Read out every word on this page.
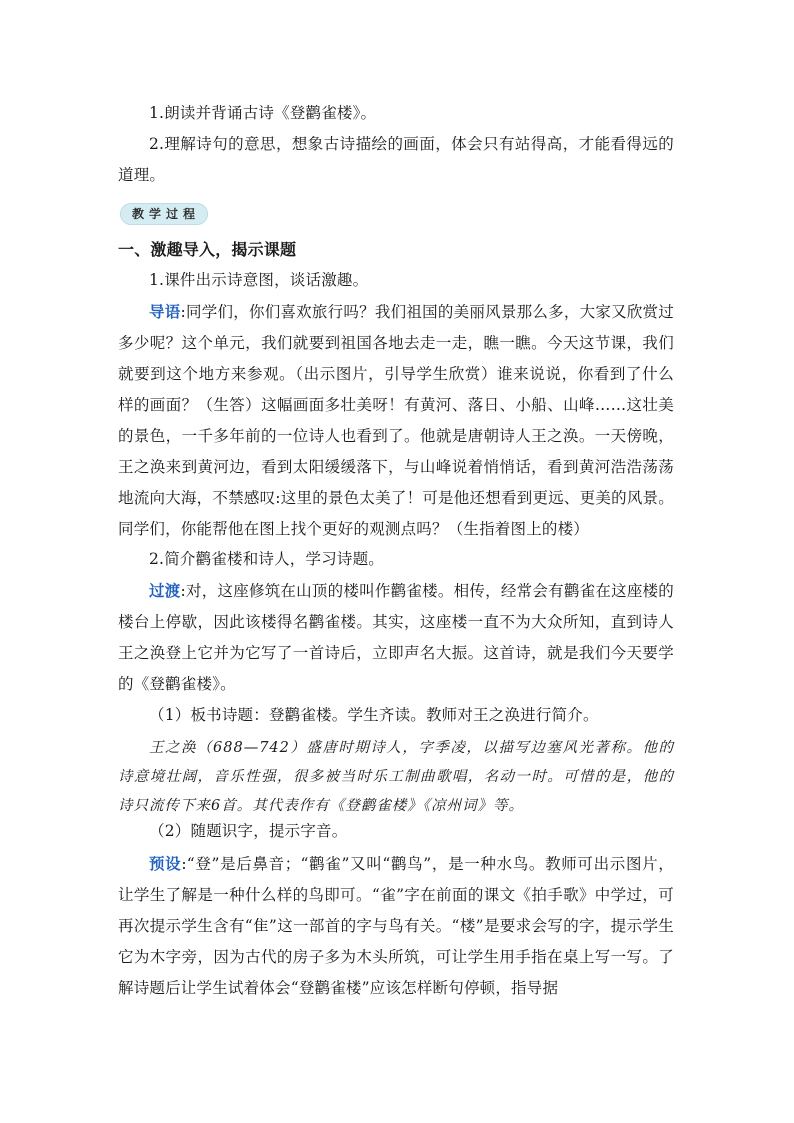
1.朗读并背诵古诗《登鹳雀楼》。
2.理解诗句的意思，想象古诗描绘的画面，体会只有站得高，才能看得远的道理。
教学过程
一、激趣导入，揭示课题
1.课件出示诗意图，谈话激趣。
导语:同学们，你们喜欢旅行吗？我们祖国的美丽风景那么多，大家又欣赏过多少呢？这个单元，我们就要到祖国各地去走一走，瞧一瞧。今天这节课，我们就要到这个地方来参观。（出示图片，引导学生欣赏）谁来说说，你看到了什么样的画面？（生答）这幅画面多壮美呀！有黄河、落日、小船、山峰……这壮美的景色，一千多年前的一位诗人也看到了。他就是唐朝诗人王之涣。一天傍晚，王之涣来到黄河边，看到太阳缓缓落下，与山峰说着悄悄话，看到黄河浩浩荡荡地流向大海，不禁感叹:这里的景色太美了！可是他还想看到更远、更美的风景。同学们，你能帮他在图上找个更好的观测点吗？（生指着图上的楼）
2.简介鹳雀楼和诗人，学习诗题。
过渡:对，这座修筑在山顶的楼叫作鹳雀楼。相传，经常会有鹳雀在这座楼的楼台上停歇，因此该楼得名鹳雀楼。其实，这座楼一直不为大众所知，直到诗人王之涣登上它并为它写了一首诗后，立即声名大振。这首诗，就是我们今天要学的《登鹳雀楼》。
（1）板书诗题：登鹳雀楼。学生齐读。教师对王之涣进行简介。
王之涣（688—742）盛唐时期诗人，字季凌，以描写边塞风光著称。他的诗意境壮阔，音乐性强，很多被当时乐工制曲歌唱，名动一时。可惜的是，他的诗只流传下来6首。其代表作有《登鹳雀楼》《凉州词》等。
（2）随题识字，提示字音。
预设:“登”是后鼻音；“鹳雀”又叫“鹳鸟”，是一种水鸟。教师可出示图片，让学生了解是一种什么样的鸟即可。“雀”字在前面的课文《拍手歌》中学过，可再次提示学生含有“隹”这一部首的字与鸟有关。“楼”是要求会写的字，提示学生它为木字旁，因为古代的房子多为木头所筑，可让学生用手指在桌上写一写。了解诗题后让学生试着体会“登鹳雀楼”应该怎样断句停顿，指导据
